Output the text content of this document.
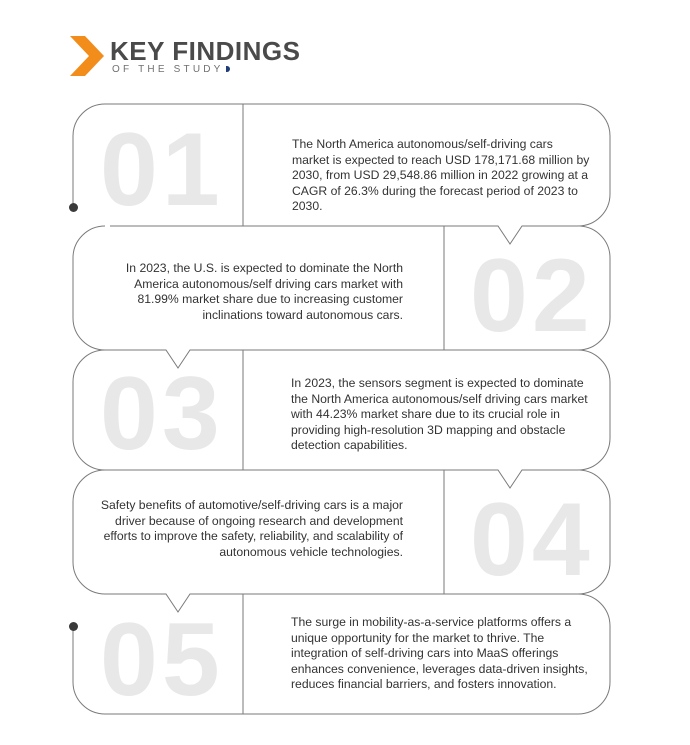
KEY FINDINGS
OF THE STUDY
01
02
03
04
05
The North America autonomous/self-driving cars market is expected to reach USD 178,171.68 million by 2030, from USD 29,548.86 million in 2022 growing at a CAGR of 26.3% during the forecast period of 2023 to 2030.
In 2023, the U.S. is expected to dominate the North America autonomous/self driving cars market with 81.99% market share due to increasing customer inclinations toward autonomous cars.
In 2023, the sensors segment is expected to dominate the North America autonomous/self driving cars market with 44.23% market share due to its crucial role in providing high-resolution 3D mapping and obstacle detection capabilities.
Safety benefits of automotive/self-driving cars is a major driver because of ongoing research and development efforts to improve the safety, reliability, and scalability of autonomous vehicle technologies.
The surge in mobility-as-a-service platforms offers a unique opportunity for the market to thrive. The integration of self-driving cars into MaaS offerings enhances convenience, leverages data-driven insights, reduces financial barriers, and fosters innovation.
